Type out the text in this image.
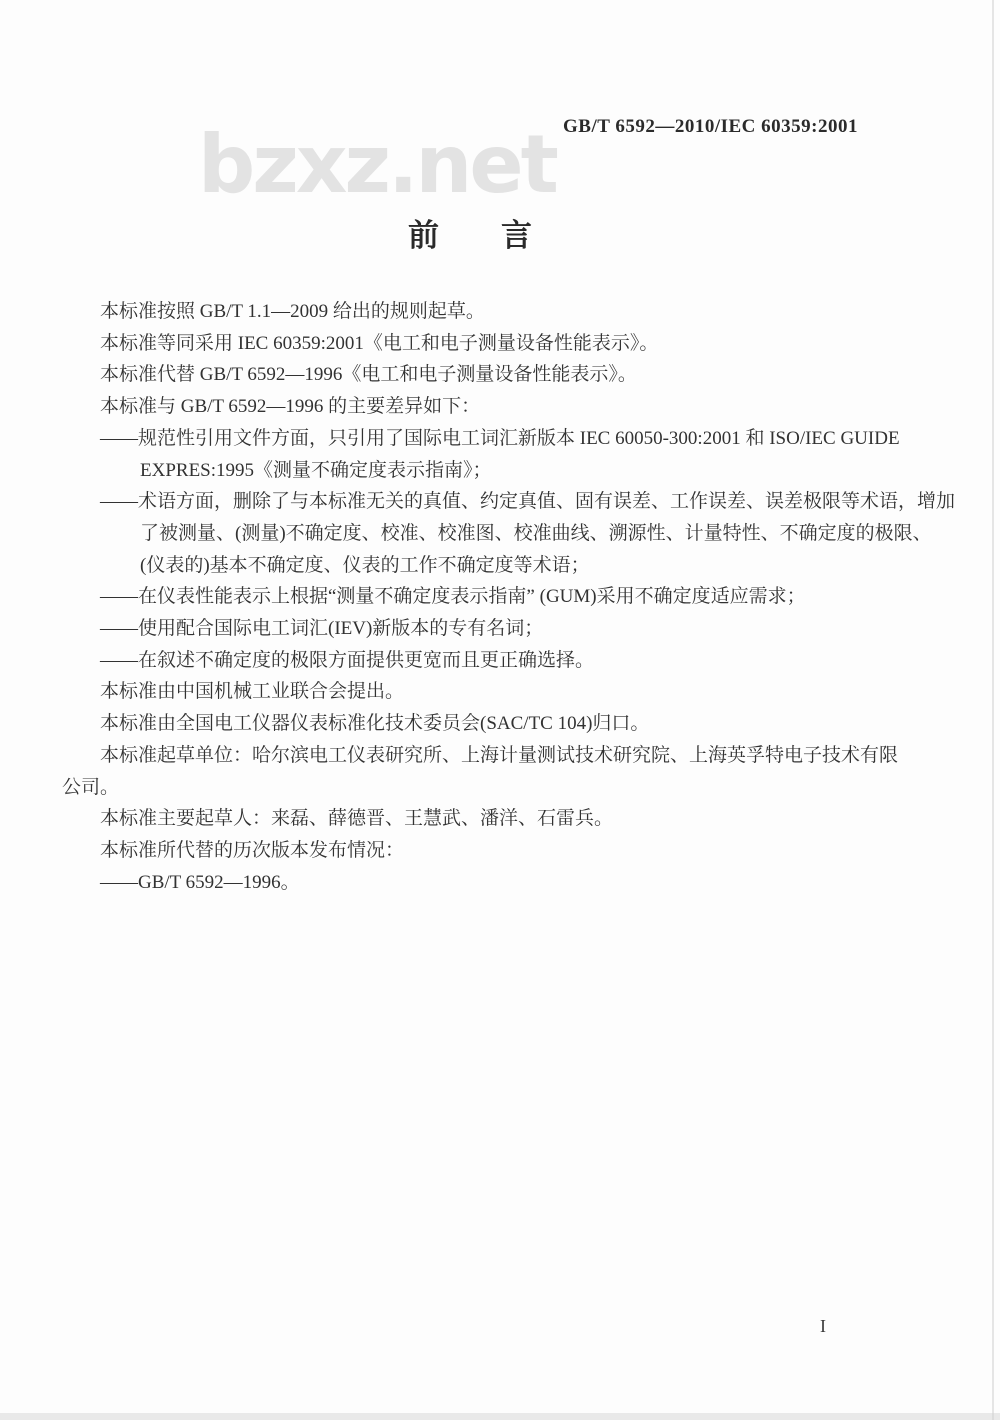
bzxz.net GB/T 6592—2010/IEC 60359:2001
前　　言
本标准按照 GB/T 1.1—2009 给出的规则起草。
本标准等同采用 IEC 60359:2001《电工和电子测量设备性能表示》。
本标准代替 GB/T 6592—1996《电工和电子测量设备性能表示》。
本标准与 GB/T 6592—1996 的主要差异如下：
——规范性引用文件方面，只引用了国际电工词汇新版本 IEC 60050-300:2001 和 ISO/IEC GUIDE
EXPRES:1995《测量不确定度表示指南》；
——术语方面，删除了与本标准无关的真值、约定真值、固有误差、工作误差、误差极限等术语，增加
了被测量、(测量)不确定度、校准、校准图、校准曲线、溯源性、计量特性、不确定度的极限、
(仪表的)基本不确定度、仪表的工作不确定度等术语；
——在仪表性能表示上根据“测量不确定度表示指南” (GUM)采用不确定度适应需求；
——使用配合国际电工词汇(IEV)新版本的专有名词；
——在叙述不确定度的极限方面提供更宽而且更正确选择。
本标准由中国机械工业联合会提出。
本标准由全国电工仪器仪表标准化技术委员会(SAC/TC 104)归口。
本标准起草单位：哈尔滨电工仪表研究所、上海计量测试技术研究院、上海英孚特电子技术有限
公司。
本标准主要起草人：来磊、薛德晋、王慧武、潘洋、石雷兵。
本标准所代替的历次版本发布情况：
——GB/T 6592—1996。
I
